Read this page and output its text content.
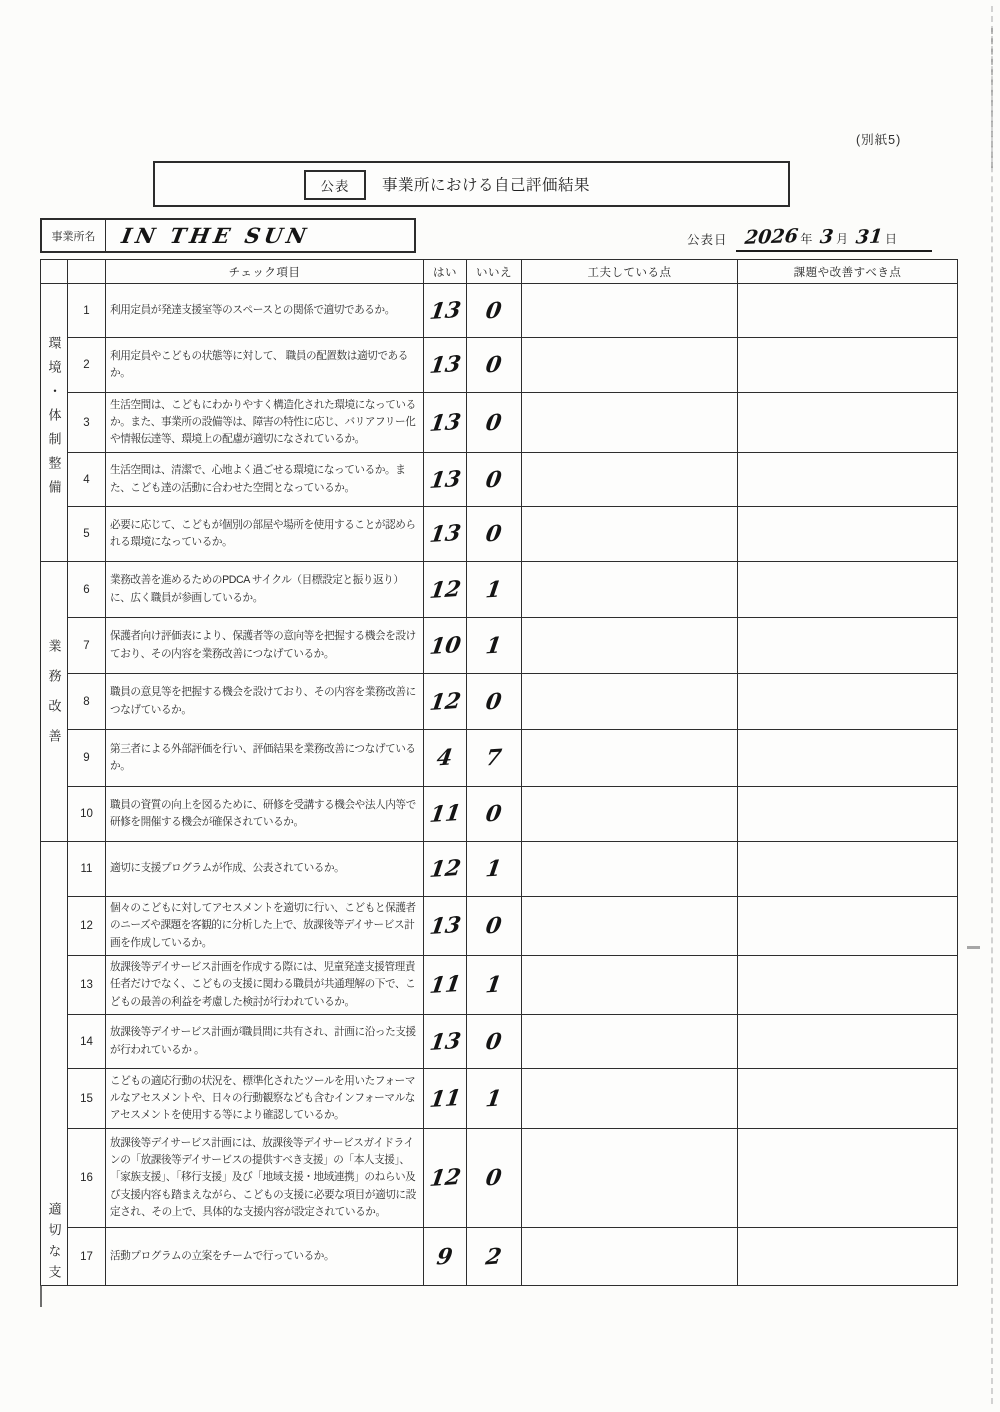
(別紙5)
公表	事業所における自己評価結果
事業所名	IN THE SUN	公表日 2026 年 3 月 31 日
		チェック項目	はい	いいえ	工夫している点	課題や改善すべき点
環境・体制整備	1	利用定員が発達支援室等のスペースとの関係で適切であるか。	13	0		
	2	利用定員やこどもの状態等に対して、 職員の配置数は適切であるか。	13	0		
	3	生活空間は、こどもにわかりやすく構造化された環境になっているか。また、事業所の設備等は、障害の特性に応じ、バリアフリー化や情報伝達等、環境上の配慮が適切になされているか。	13	0		
	4	生活空間は、清潔で、心地よく過ごせる環境になっているか。また、こども達の活動に合わせた空間となっているか。	13	0		
	5	必要に応じて、こどもが個別の部屋や場所を使用することが認められる環境になっているか。	13	0		
業務改善	6	業務改善を進めるためのPDCA サイクル（目標設定と振り返り）に、広く職員が参画しているか。	12	1		
	7	保護者向け評価表により、保護者等の意向等を把握する機会を設けており、その内容を業務改善につなげているか。	10	1		
	8	職員の意見等を把握する機会を設けており、その内容を業務改善につなげているか。	12	0		
	9	第三者による外部評価を行い、評価結果を業務改善につなげているか。	4	7		
	10	職員の資質の向上を図るために、研修を受講する機会や法人内等で研修を開催する機会が確保されているか。	11	0		
適切な支	11	適切に支援プログラムが作成、公表されているか。	12	1		
	12	個々のこどもに対してアセスメントを適切に行い、こどもと保護者のニーズや課題を客観的に分析した上で、放課後等デイサービス計画を作成しているか。	13	0		
	13	放課後等デイサービス計画を作成する際には、児童発達支援管理責任者だけでなく、こどもの支援に関わる職員が共通理解の下で、こどもの最善の利益を考慮した検討が行われているか。	11	1		
	14	放課後等デイサービス計画が職員間に共有され、計画に沿った支援が行われているか 。	13	0		
	15	こどもの適応行動の状況を、標準化されたツールを用いたフォーマルなアセスメントや、日々の行動観察なども含むインフォーマルなアセスメントを使用する等により確認しているか。	11	1		
	16	放課後等デイサービス計画には、放課後等デイサービスガイドラインの「放課後等デイサービスの提供すべき支援」の「本人支援」、「家族支援」、「移行支援」及び「地域支援・地域連携」のねらい及び支援内容も踏まえながら、こどもの支援に必要な項目が適切に設定され、その上で、具体的な支援内容が設定されているか。	12	0		
	17	活動プログラムの立案をチームで行っているか。	9	2		
